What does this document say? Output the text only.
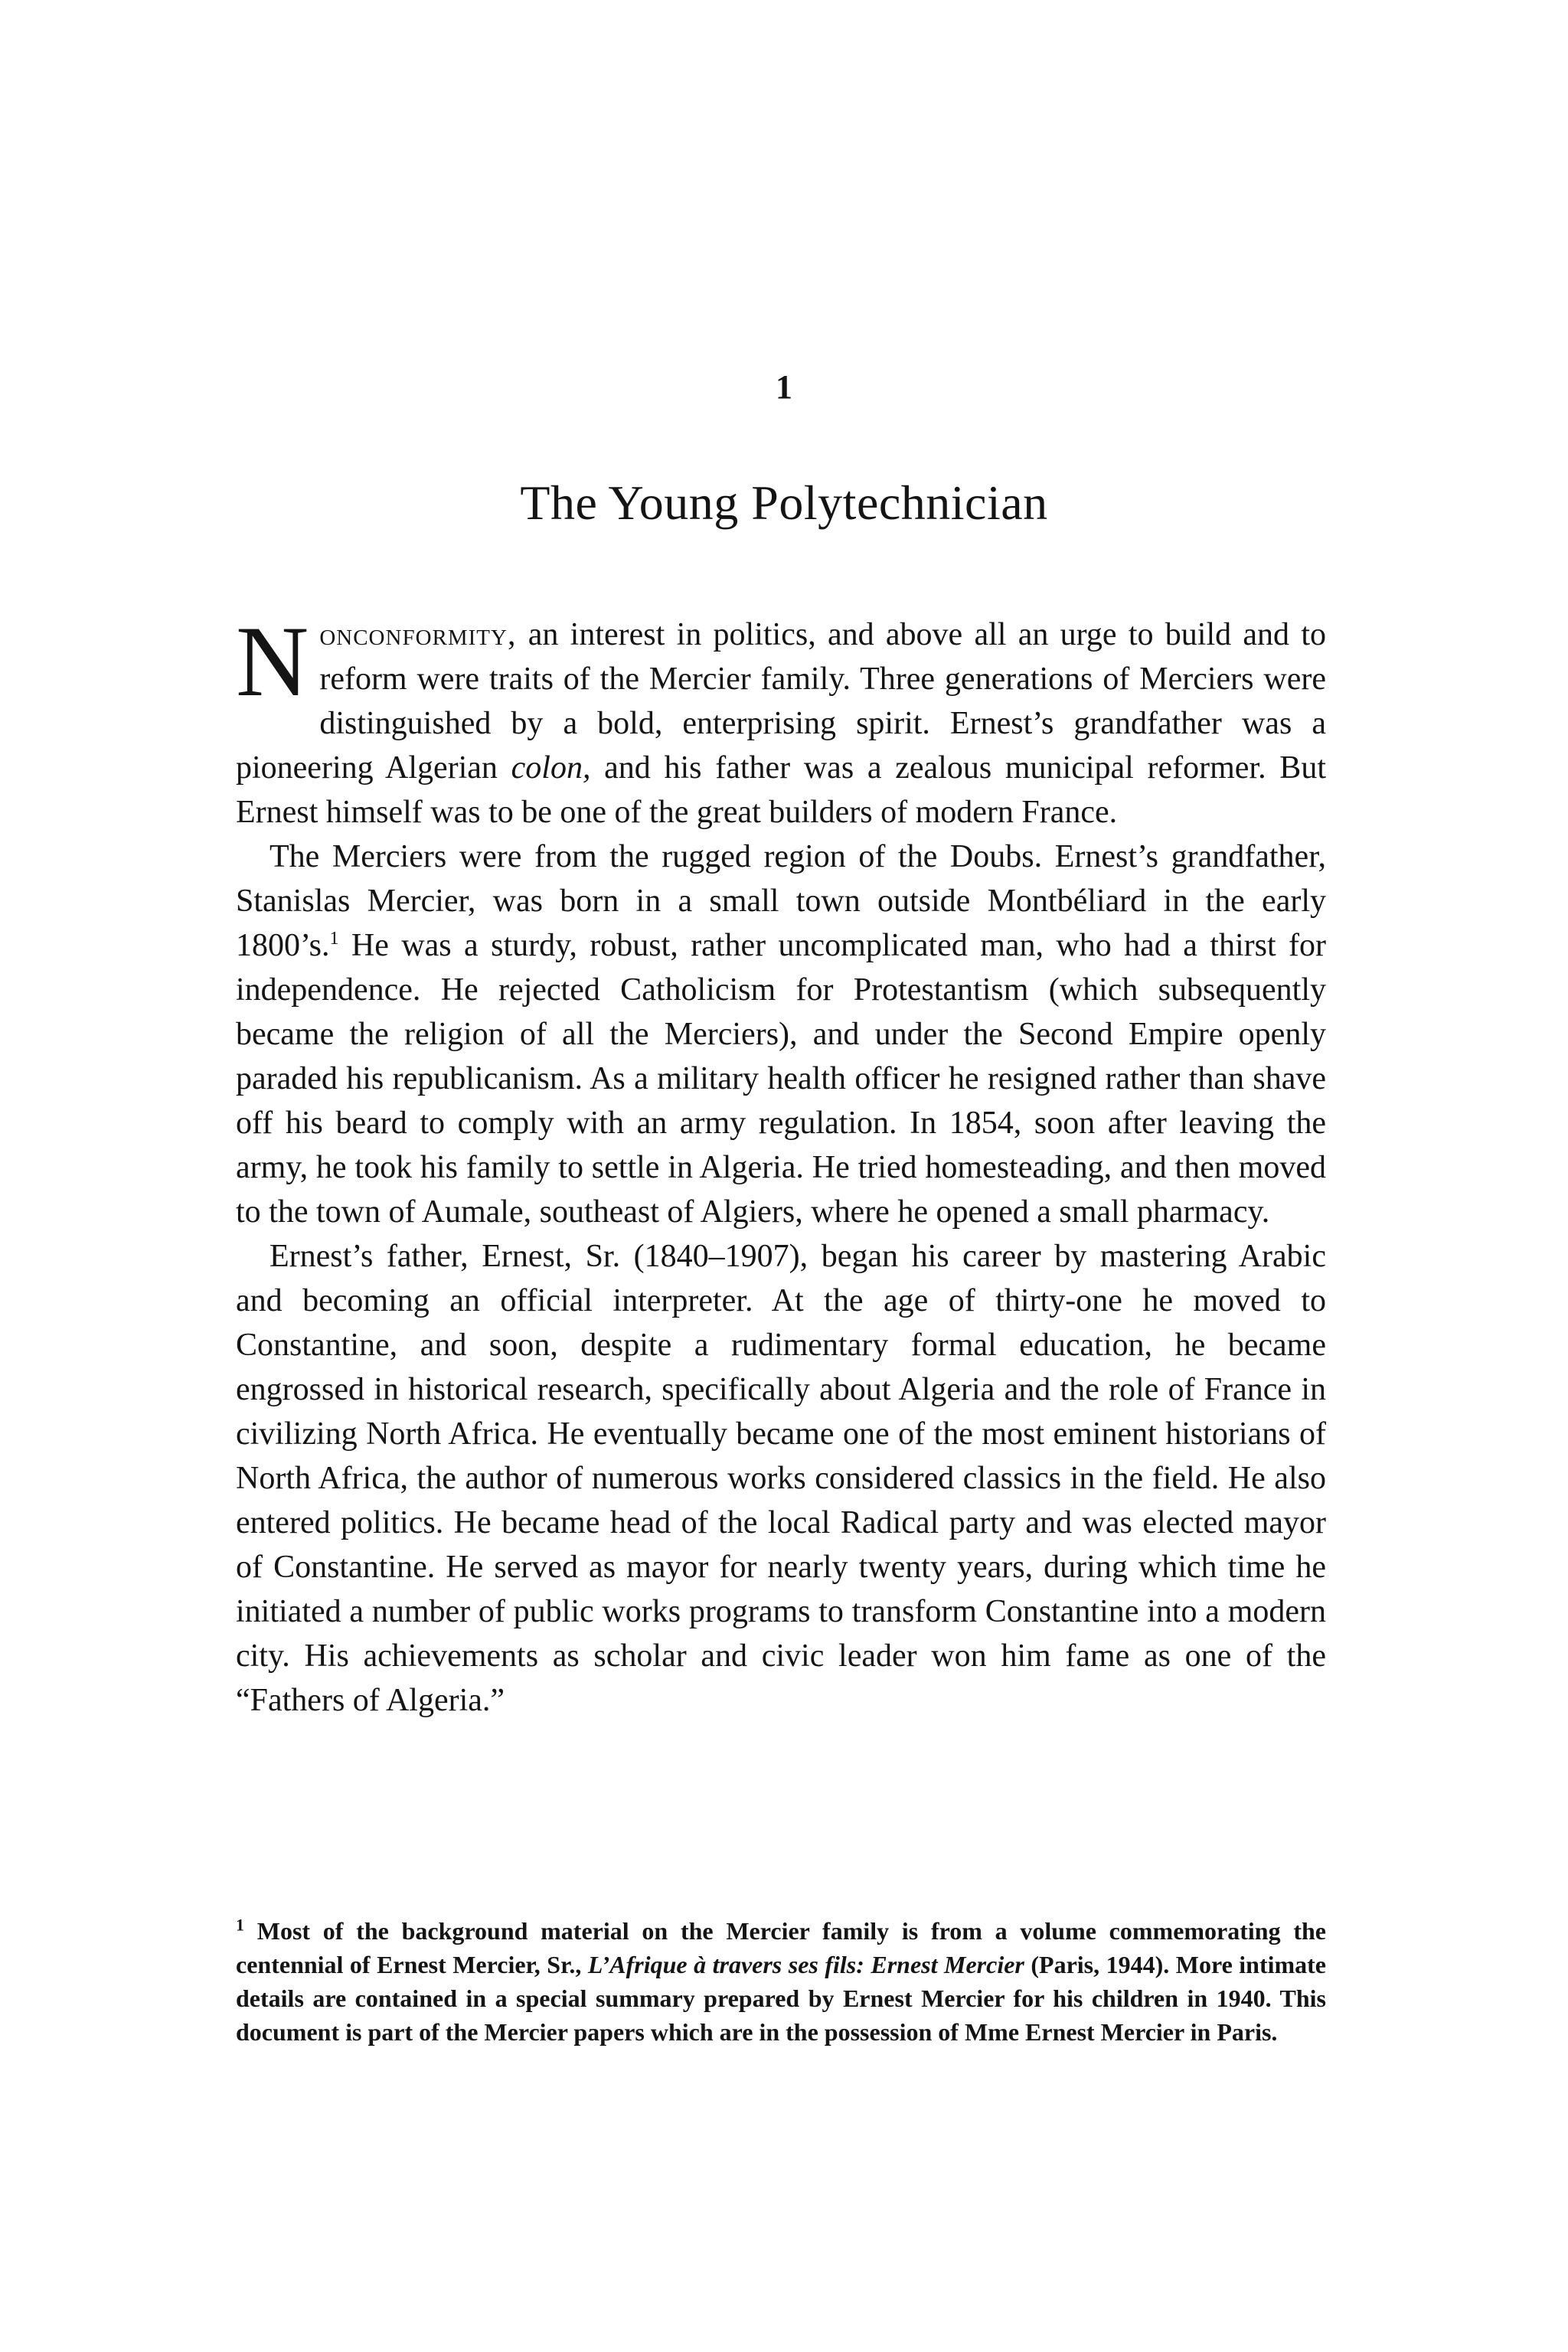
1
The Young Polytechnician

Nonconformity, an interest in politics, and above all an urge to build and to reform were traits of the Mercier family. Three generations of Merciers were distinguished by a bold, enterprising spirit. Ernest’s grandfather was a pioneering Algerian colon, and his father was a zealous municipal reformer. But Ernest himself was to be one of the great builders of modern France.

The Merciers were from the rugged region of the Doubs. Ernest’s grandfather, Stanislas Mercier, was born in a small town outside Montbéliard in the early 1800’s.$^1$ He was a sturdy, robust, rather uncomplicated man, who had a thirst for independence. He rejected Catholicism for Protestantism (which subsequently became the religion of all the Merciers), and under the Second Empire openly paraded his republicanism. As a military health officer he resigned rather than shave off his beard to comply with an army regulation. In 1854, soon after leaving the army, he took his family to settle in Algeria. He tried homesteading, and then moved to the town of Aumale, southeast of Algiers, where he opened a small pharmacy.

Ernest’s father, Ernest, Sr. (1840–1907), began his career by mastering Arabic and becoming an official interpreter. At the age of thirty-one he moved to Constantine, and soon, despite a rudimentary formal education, he became engrossed in historical research, specifically about Algeria and the role of France in civilizing North Africa. He eventually became one of the most eminent historians of North Africa, the author of numerous works considered classics in the field. He also entered politics. He became head of the local Radical party and was elected mayor of Constantine. He served as mayor for nearly twenty years, during which time he initiated a number of public works programs to transform Constantine into a modern city. His achievements as scholar and civic leader won him fame as one of the “Fathers of Algeria.”

$^1$ Most of the background material on the Mercier family is from a volume commemorating the centennial of Ernest Mercier, Sr., L’Afrique à travers ses fils: Ernest Mercier (Paris, 1944). More intimate details are contained in a special summary prepared by Ernest Mercier for his children in 1940. This document is part of the Mercier papers which are in the possession of Mme Ernest Mercier in Paris.
